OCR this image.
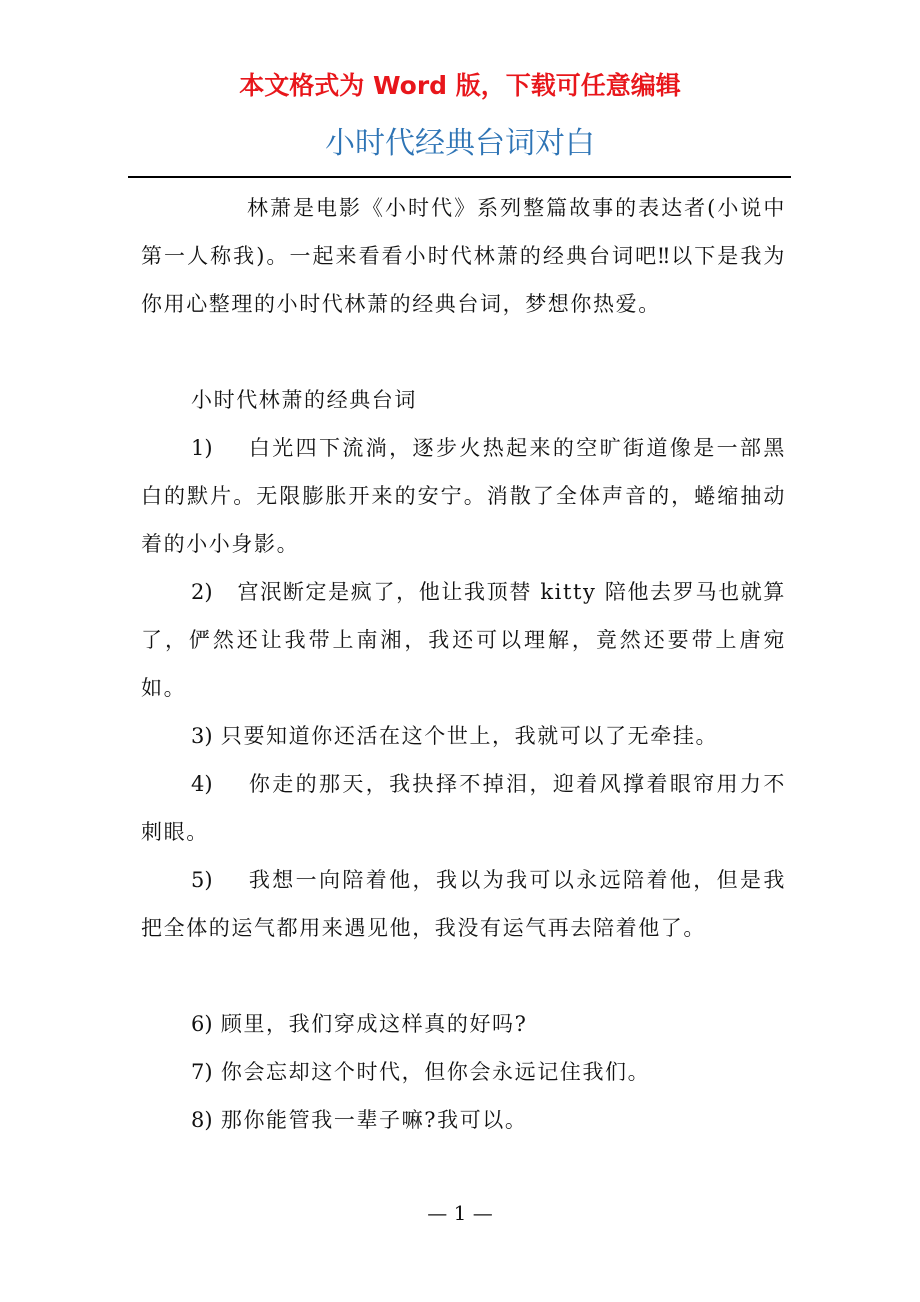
本文格式为 Word 版，下载可任意编辑
小时代经典台词对白

林萧是电影《小时代》系列整篇故事的表达者(小说中第一人称我)。一起来看看小时代林萧的经典台词吧‼以下是我为你用心整理的小时代林萧的经典台词，梦想你热爱。

小时代林萧的经典台词

1) 白光四下流淌，逐步火热起来的空旷街道像是一部黑白的默片。无限膨胀开来的安宁。消散了全体声音的，蜷缩抽动着的小小身影。

2) 宫泯断定是疯了，他让我顶替 kitty 陪他去罗马也就算了，俨然还让我带上南湘，我还可以理解，竟然还要带上唐宛如。

3) 只要知道你还活在这个世上，我就可以了无牵挂。

4) 你走的那天，我抉择不掉泪，迎着风撑着眼帘用力不刺眼。

5) 我想一向陪着他，我以为我可以永远陪着他，但是我把全体的运气都用来遇见他，我没有运气再去陪着他了。

6) 顾里，我们穿成这样真的好吗?

7) 你会忘却这个时代，但你会永远记住我们。

8) 那你能管我一辈子嘛?我可以。

— 1 —
